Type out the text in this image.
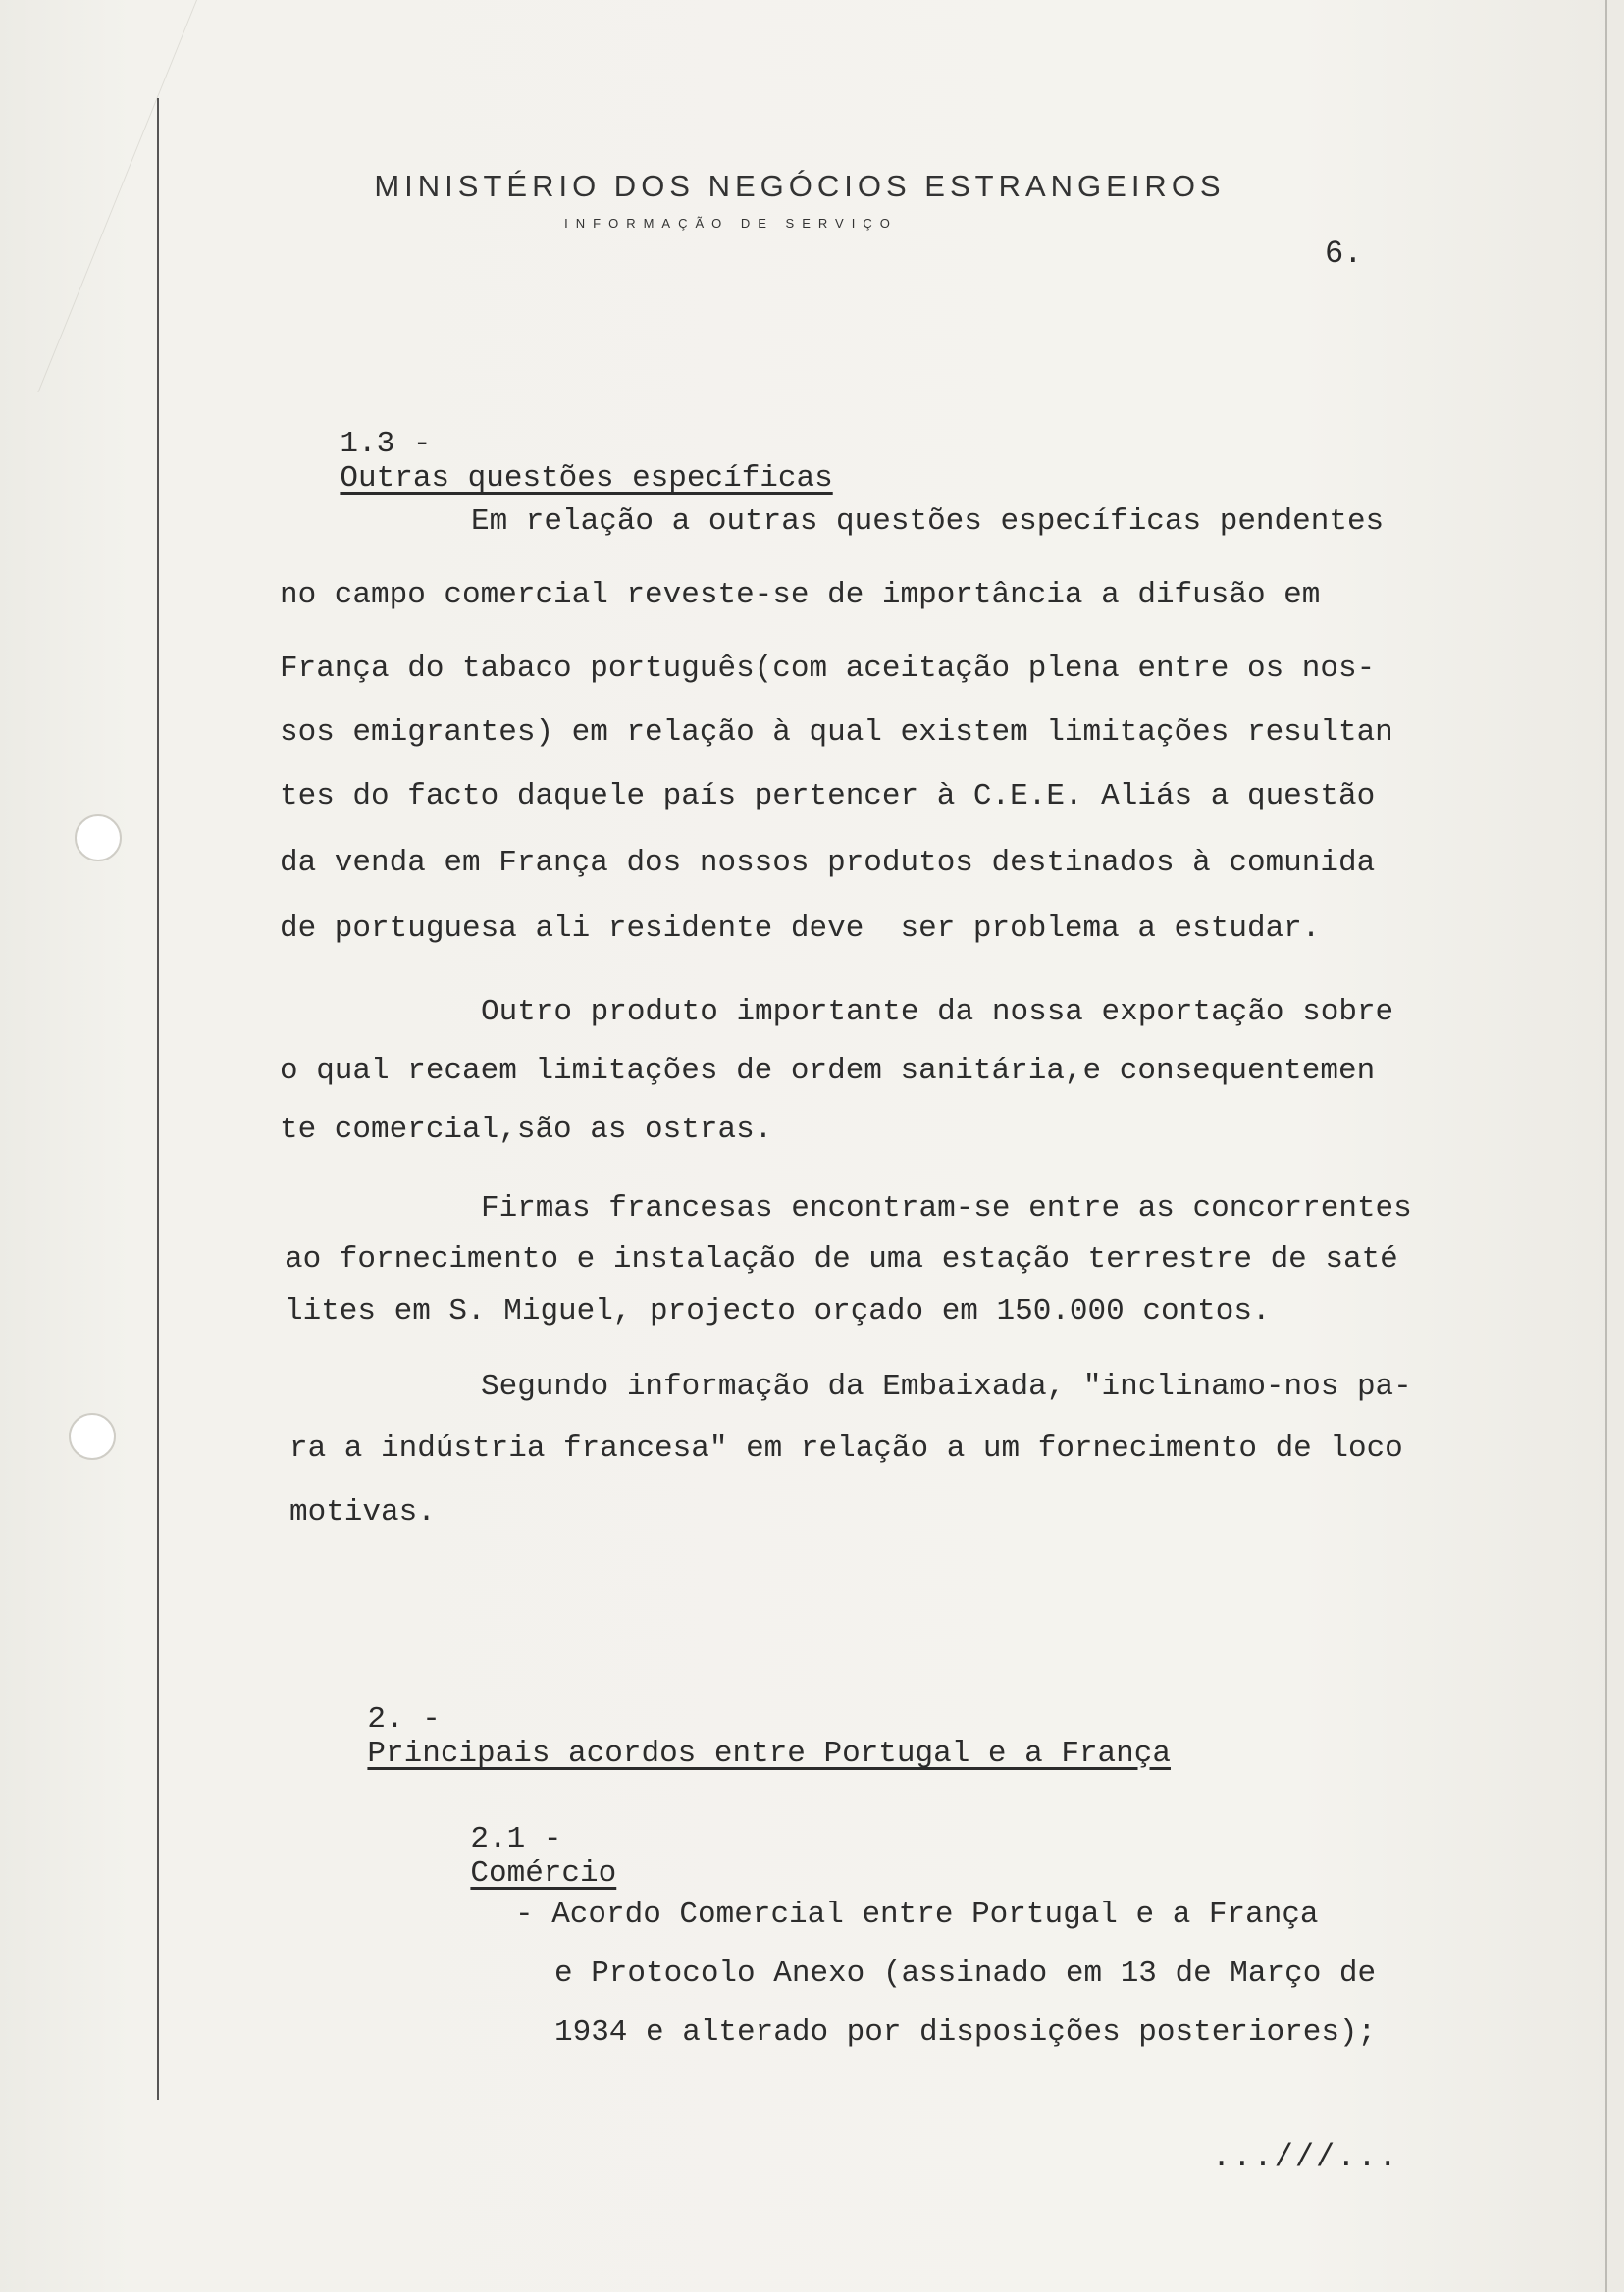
MINISTÉRIO DOS NEGÓCIOS ESTRANGEIROS
INFORMAÇÃO DE SERVIÇO
6.

1.3 -
Outras questões específicas

Em relação a outras questões específicas pendentes
no campo comercial reveste-se de importância a difusão em
França do tabaco português(com aceitação plena entre os nos-
sos emigrantes) em relação à qual existem limitações resultan
tes do facto daquele país pertencer à C.E.E. Aliás a questão
da venda em França dos nossos produtos destinados à comunida
de portuguesa ali residente deve  ser problema a estudar.
Outro produto importante da nossa exportação sobre
o qual recaem limitações de ordem sanitária,e consequentemen
te comercial,são as ostras.
Firmas francesas encontram-se entre as concorrentes
ao fornecimento e instalação de uma estação terrestre de saté
lites em S. Miguel, projecto orçado em 150.000 contos.
Segundo informação da Embaixada, "inclinamo-nos pa-
ra a indústria francesa" em relação a um fornecimento de loco
motivas.

2. -
Principais acordos entre Portugal e a França

2.1 -
Comércio

- Acordo Comercial entre Portugal e a França
e Protocolo Anexo (assinado em 13 de Março de
1934 e alterado por disposições posteriores);
...///...
